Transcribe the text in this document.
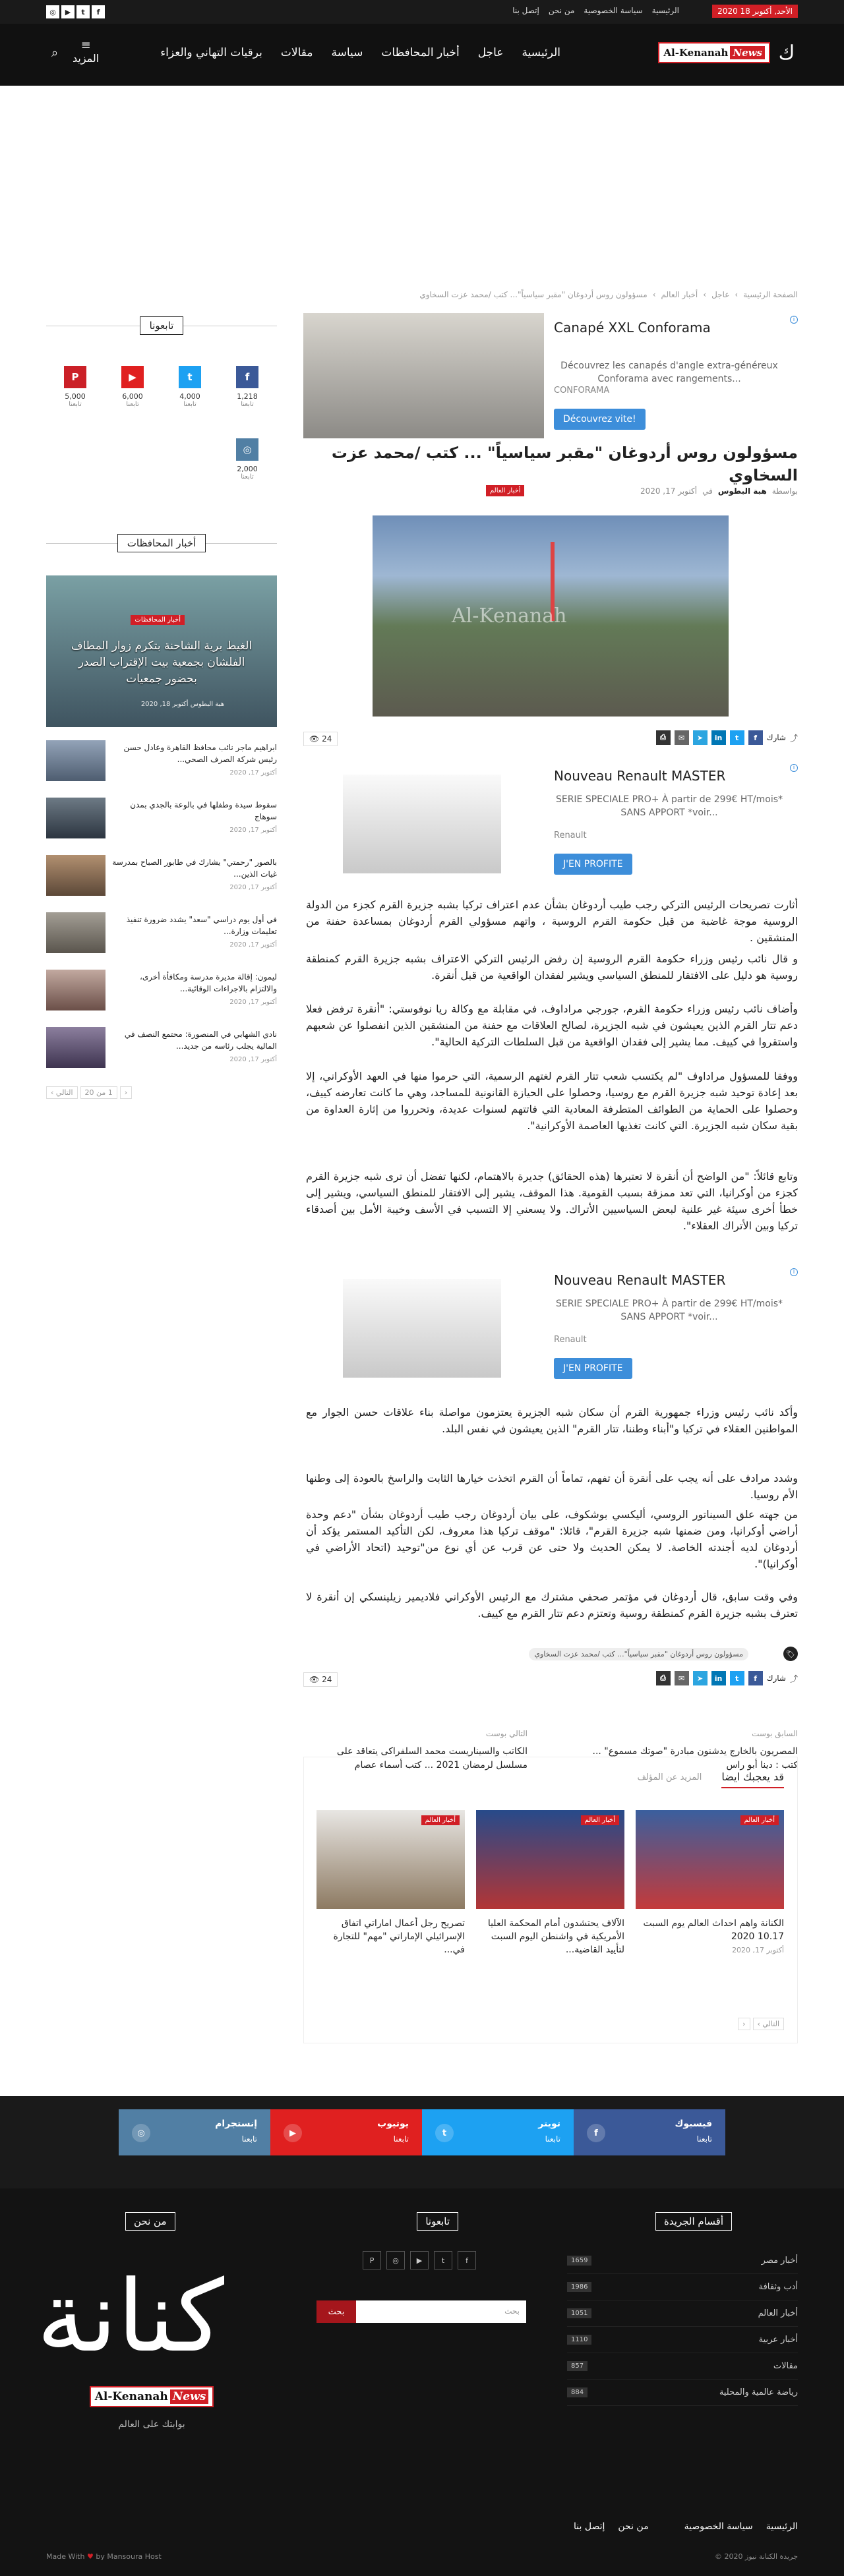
الأحد, أكتوبر 18 2020
الرئيسية
سياسة الخصوصية
من نحن
إتصل بنا
f
t
▶
◎
ك
Al-Kenanah News
الرئيسية
عاجل
أخبار المحافظات
سياسة
مقالات
برقيات التهاني والعزاء
≡
المزيد
⌕
الصفحة الرئيسية
›
عاجل
›
أخبار العالم
›
مسؤولون روس أردوغان "مقبر سياسياً"... كتب /محمد عزت السخاوي
i
Canapé XXL Conforama
Découvrez les canapés d'angle extra-généreux Conforama avec rangements...
CONFORAMA
Découvrez vite!
مسؤولون روس أردوغان "مقبر سياسياً" ... كتب /محمد عزت السخاوي
بواسطة
هبة البطوس
في
أكتوبر 17, 2020
أخبار العالم
Al-Kenanah
⤴
شارك
f
t
in
➤
✉
⎙
24 👁
i
Nouveau Renault MASTER
SERIE SPECIALE PRO+ À partir de 299€ HT/mois* SANS APPORT *voir...
Renault
J'EN PROFITE

أثارت تصريحات الرئيس التركي رجب طيب أردوغان بشأن عدم اعتراف تركيا بشبه جزيرة القرم كجزء من الدولة الروسية موجة غاضبة من قبل حكومة القرم الروسية ، واتهم مسؤولي القرم أردوغان بمساعدة حفنة من المنشقين .

و قال نائب رئيس وزراء حكومة القرم الروسية إن رفض الرئيس التركي الاعتراف بشبه جزيرة القرم كمنطقة روسية هو دليل على الافتقار للمنطق السياسي ويشير لفقدان الواقعية من قبل أنقرة.

وأضاف نائب رئيس وزراء حكومة القرم، جورجي مراداوف، في مقابلة مع وكالة ريا نوفوستي: "أنقرة ترفض فعلا دعم تتار القرم الذين يعيشون في شبه الجزيرة، لصالح العلاقات مع حفنة من المنشقين الذين انفصلوا عن شعبهم واستقروا في كييف. مما يشير إلى فقدان الواقعية من قبل السلطات التركية الحالية".

ووفقا للمسؤول مراداوف "لم يكتسب شعب تتار القرم لغتهم الرسمية، التي حرموا منها في العهد الأوكراني، إلا بعد إعادة توحيد شبه جزيرة القرم مع روسيا، وحصلوا على الحيازة القانونية للمساجد، وهي ما كانت تعارضه كييف، وحصلوا على الحماية من الطوائف المتطرفة المعادية التي فاتتهم لسنوات عديدة، وتحرروا من إثارة العداوة من بقية سكان شبه الجزيرة. التي كانت تغذيها العاصمة الأوكرانية".

وتابع قائلاً: "من الواضح أن أنقرة لا تعتبرها (هذه الحقائق) جديرة بالاهتمام، لكنها تفضل أن ترى شبه جزيرة القرم كجزء من أوكرانيا، التي تعد ممزقة بسبب القومية. هذا الموقف، يشير إلى الافتقار للمنطق السياسي، ويشير إلى خطأ أخرى سيئة غير علنية لبعض السياسيين الأتراك. ولا يسعني إلا التسبب في الأسف وخيبة الأمل بين أصدقاء تركيا وبين الأتراك العقلاء".

i
Nouveau Renault MASTER
SERIE SPECIALE PRO+ À partir de 299€ HT/mois* SANS APPORT *voir...
Renault
J'EN PROFITE

وأكد نائب رئيس وزراء جمهورية القرم أن سكان شبه الجزيرة يعتزمون مواصلة بناء علاقات حسن الجوار مع المواطنين العقلاء في تركيا و"أبناء وطننا، تتار القرم" الذين يعيشون في نفس البلد.

وشدد مرادف على أنه يجب على أنقرة أن تفهم، تماماً أن القرم اتخذت خيارها الثابت والراسخ بالعودة إلى وطنها الأم روسيا.

من جهته علق السيناتور الروسي، أليكسي بوشكوف، على بيان أردوغان رجب طيب أردوغان بشأن "دعم وحدة أراضي أوكرانيا، ومن ضمنها شبه جزيرة القرم"، قائلا: "موقف تركيا هذا معروف، لكن التأكيد المستمر يؤكد أن أردوغان لديه أجندته الخاصة. لا يمكن الحديث ولا حتى عن قرب عن أي نوع من"توحيد (اتحاد الأراضي في أوكرانيا)".

وفي وقت سابق، قال أردوغان في مؤتمر صحفي مشترك مع الرئيس الأوكراني فلاديمير زيلينسكي إن أنقرة لا تعترف بشبه جزيرة القرم كمنطقة روسية وتعتزم دعم تتار القرم مع كييف.

🏷
مسؤولون روس أردوغان "مقبر سياسياً"... كتب /محمد عزت السخاوي
⤴
شارك
f
t
in
➤
✉
⎙
24 👁
السابق بوست
المصريون بالخارج يدشنون مبادرة "صوتك مسموع" ... كتب : دينا أبو راس
التالي بوست
الكاتب والسيناريست محمد السلفراكى يتعاقد على مسلسل لرمضان 2021 ... كتب أسماء عصام
قد يعجبك ايضا
المزيد عن المؤلف
أخبار العالم
الكنانة واهم احداث العالم يوم السبت 10.17 2020
أكتوبر 17, 2020
أخبار العالم
الآلاف يحتشدون أمام المحكمة العليا الأمريكية في واشنطن اليوم السبت لتأييد القاضية...
أخبار العالم
تصريح رجل أعمال اماراتي اتفاق الإسرائيلي الإماراتي "مهم" للتجارة في...
التالي ›
‹
تابعونا
f
1,218
تابعنا
t
4,000
تابعنا
▶
6,000
تابعنا
P
5,000
تابعنا
◎
2,000
تابعنا
أخبار المحافظات
أخبار المحافظات
الغيط برية الشاحنة بتكرم زوار المطاف الفلشان بجمعية بيت الإقتراب الصدر بحضور جمعيات
هبة البطوس أكتوبر 18, 2020
ابراهيم ماجر نائب محافظ القاهرة وعادل حسن رئيس شركة الصرف الصحي...
أكتوبر 17, 2020
سقوط سيدة وطفلها في بالوعة بالجدي بمدن سوهاج
أكتوبر 17, 2020
بالصور "رحمتي" يشارك في طابور الصباح بمدرسة غيات الذين...
أكتوبر 17, 2020
في أول يوم دراسي "سعد" يشدد ضرورة تنفيذ تعليمات وزارة...
أكتوبر 17, 2020
ليمون: إقالة مديرة مدرسة ومكافأة أخرى، والالتزام بالاجراءات الوقائية...
أكتوبر 17, 2020
نادي الشهابي في المنصورة: محتمع النصف في المالية يجلب رئاسه من جديد...
أكتوبر 17, 2020
‹
1 من 20
التالي ›
f
فيسبوك
تابعنا
t
تويتر
تابعنا
▶
يوتيوب
تابعنا
◎
إنستجرام
تابعنا
أقسام الجريدة
تابعونا
من نحن
أخبار مصر
1659
أدب وثقافة
1986
أخبار العالم
1051
أخبار عربية
1110
مقالات
857
رياضة عالمية والمحلية
884
f
t
▶
◎
P
بحث
بحث
كنانة
Al-Kenanah News
بوابتك على العالم
الرئيسية
سياسة الخصوصية
من نحن
إتصل بنا
جريدة الكنانة نيوز 2020 ©
Made With ♥ by Mansoura Host
